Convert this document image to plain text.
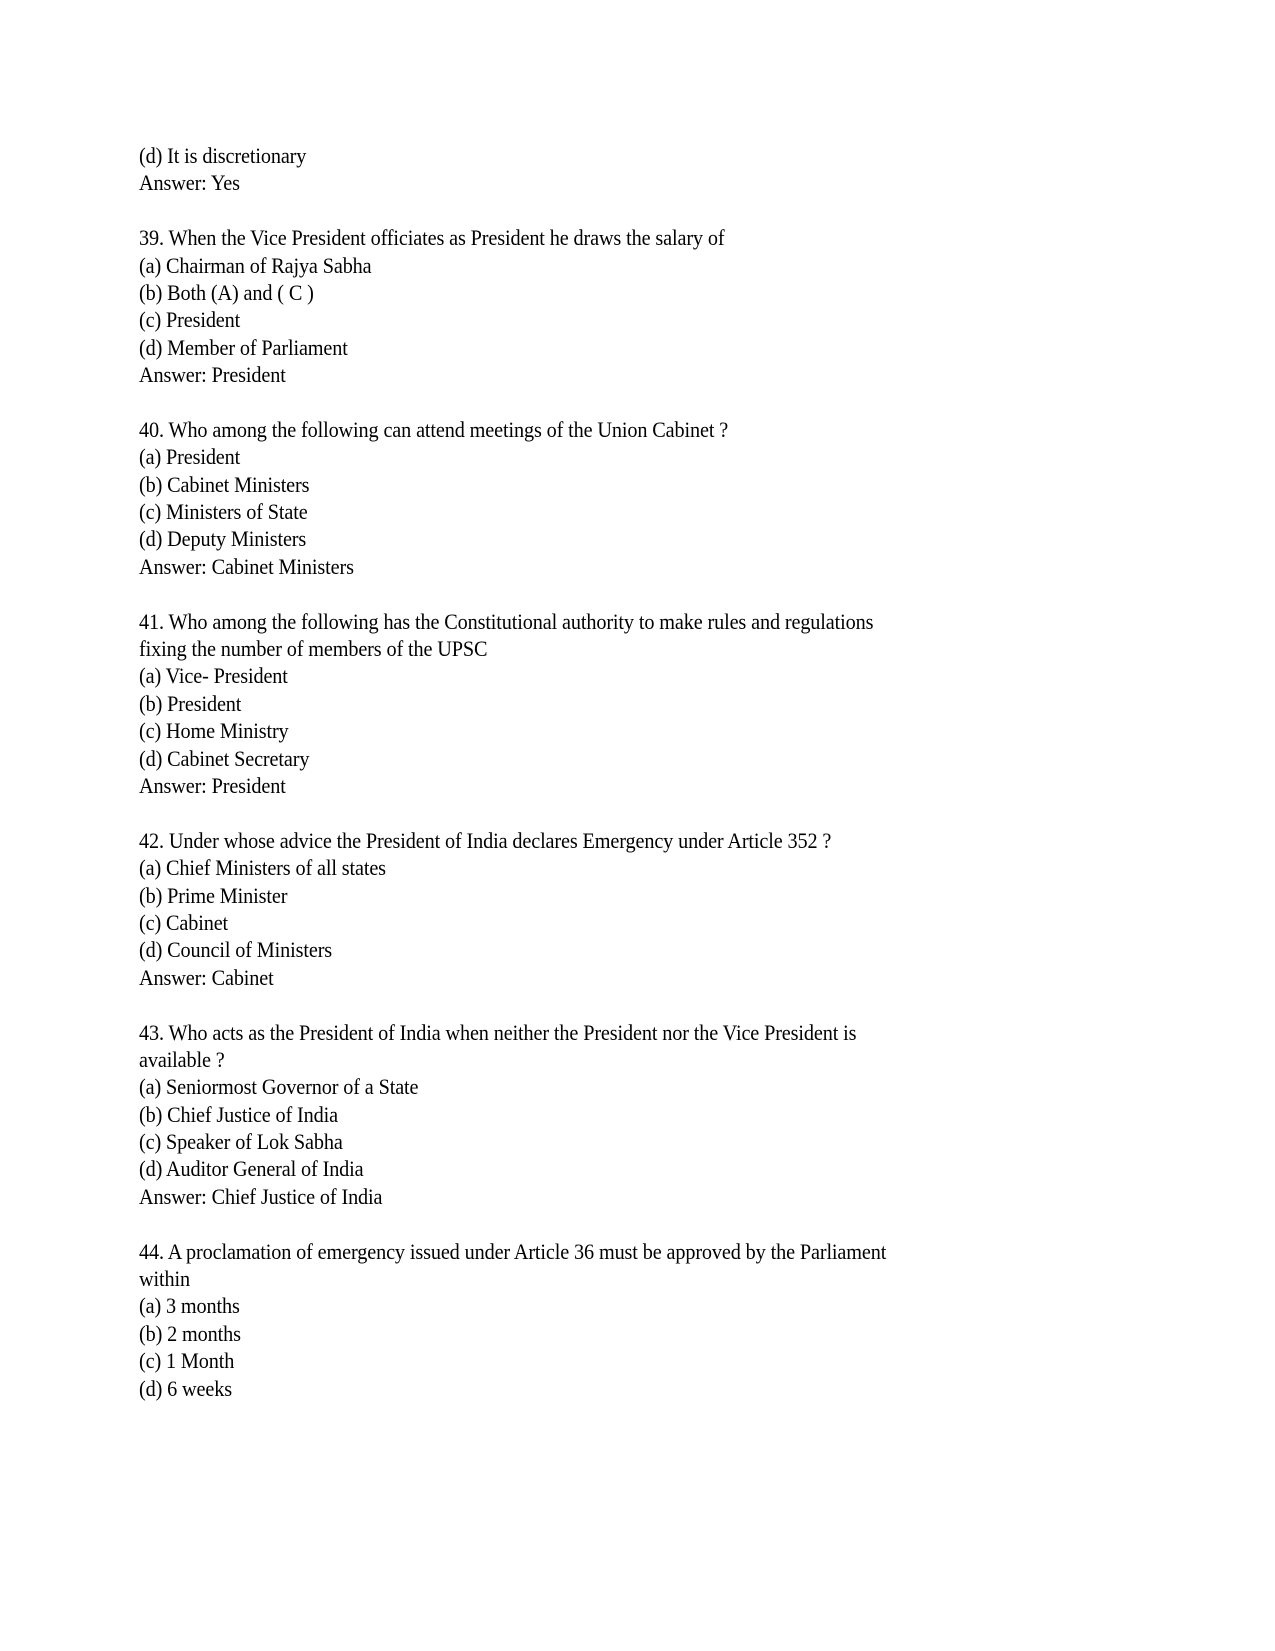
(d) It is discretionary
Answer: Yes
39. When the Vice President officiates as President he draws the salary of
(a) Chairman of Rajya Sabha
(b) Both (A) and ( C )
(c) President
(d) Member of Parliament
Answer: President
40. Who among the following can attend meetings of the Union Cabinet ?
(a) President
(b) Cabinet Ministers
(c) Ministers of State
(d) Deputy Ministers
Answer: Cabinet Ministers
41. Who among the following has the Constitutional authority to make rules and regulations
fixing the number of members of the UPSC
(a) Vice- President
(b) President
(c) Home Ministry
(d) Cabinet Secretary
Answer: President
42. Under whose advice the President of India declares Emergency under Article 352 ?
(a) Chief Ministers of all states
(b) Prime Minister
(c) Cabinet
(d) Council of Ministers
Answer: Cabinet
43. Who acts as the President of India when neither the President nor the Vice President is
available ?
(a) Seniormost Governor of a State
(b) Chief Justice of India
(c) Speaker of Lok Sabha
(d) Auditor General of India
Answer: Chief Justice of India
44. A proclamation of emergency issued under Article 36 must be approved by the Parliament
within
(a) 3 months
(b) 2 months
(c) 1 Month
(d) 6 weeks
